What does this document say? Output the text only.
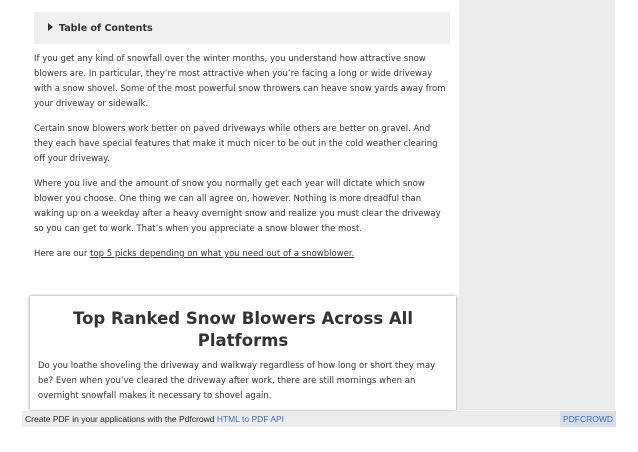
Table of Contents

If you get any kind of snowfall over the winter months, you understand how attractive snow blowers are. In particular, they’re most attractive when you’re facing a long or wide driveway with a snow shovel. Some of the most powerful snow throwers can heave snow yards away from your driveway or sidewalk.

Certain snow blowers work better on paved driveways while others are better on gravel. And they each have special features that make it much nicer to be out in the cold weather clearing off your driveway.

Where you live and the amount of snow you normally get each year will dictate which snow blower you choose. One thing we can all agree on, however. Nothing is more dreadful than waking up on a weekday after a heavy overnight snow and realize you must clear the driveway so you can get to work. That’s when you appreciate a snow blower the most.

Here are our top 5 picks depending on what you need out of a snowblower.

Top Ranked Snow Blowers Across All Platforms

Do you loathe shoveling the driveway and walkway regardless of how long or short they may be? Even when you’ve cleared the driveway after work, there are still mornings when an overnight snowfall makes it necessary to shovel again.

Create PDF in your applications with the Pdfcrowd HTML to PDF API	PDFCROWD
